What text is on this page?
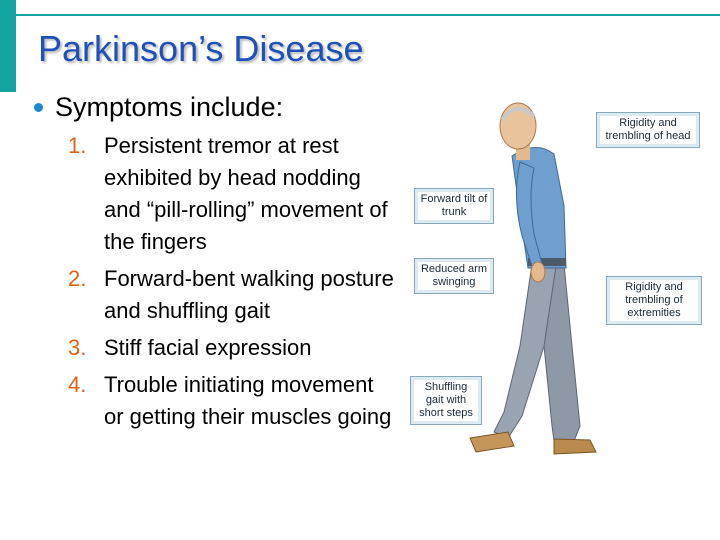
Parkinson’s Disease
Symptoms include:
1. Persistent tremor at rest exhibited by head nodding and “pill-rolling” movement of the fingers
2. Forward-bent walking posture and shuffling gait
3. Stiff facial expression
4. Trouble initiating movement or getting their muscles going
Rigidity and trembling of head
Forward tilt of trunk
Reduced arm swinging	Rigidity and trembling of extremities
Shuffling gait with short steps
